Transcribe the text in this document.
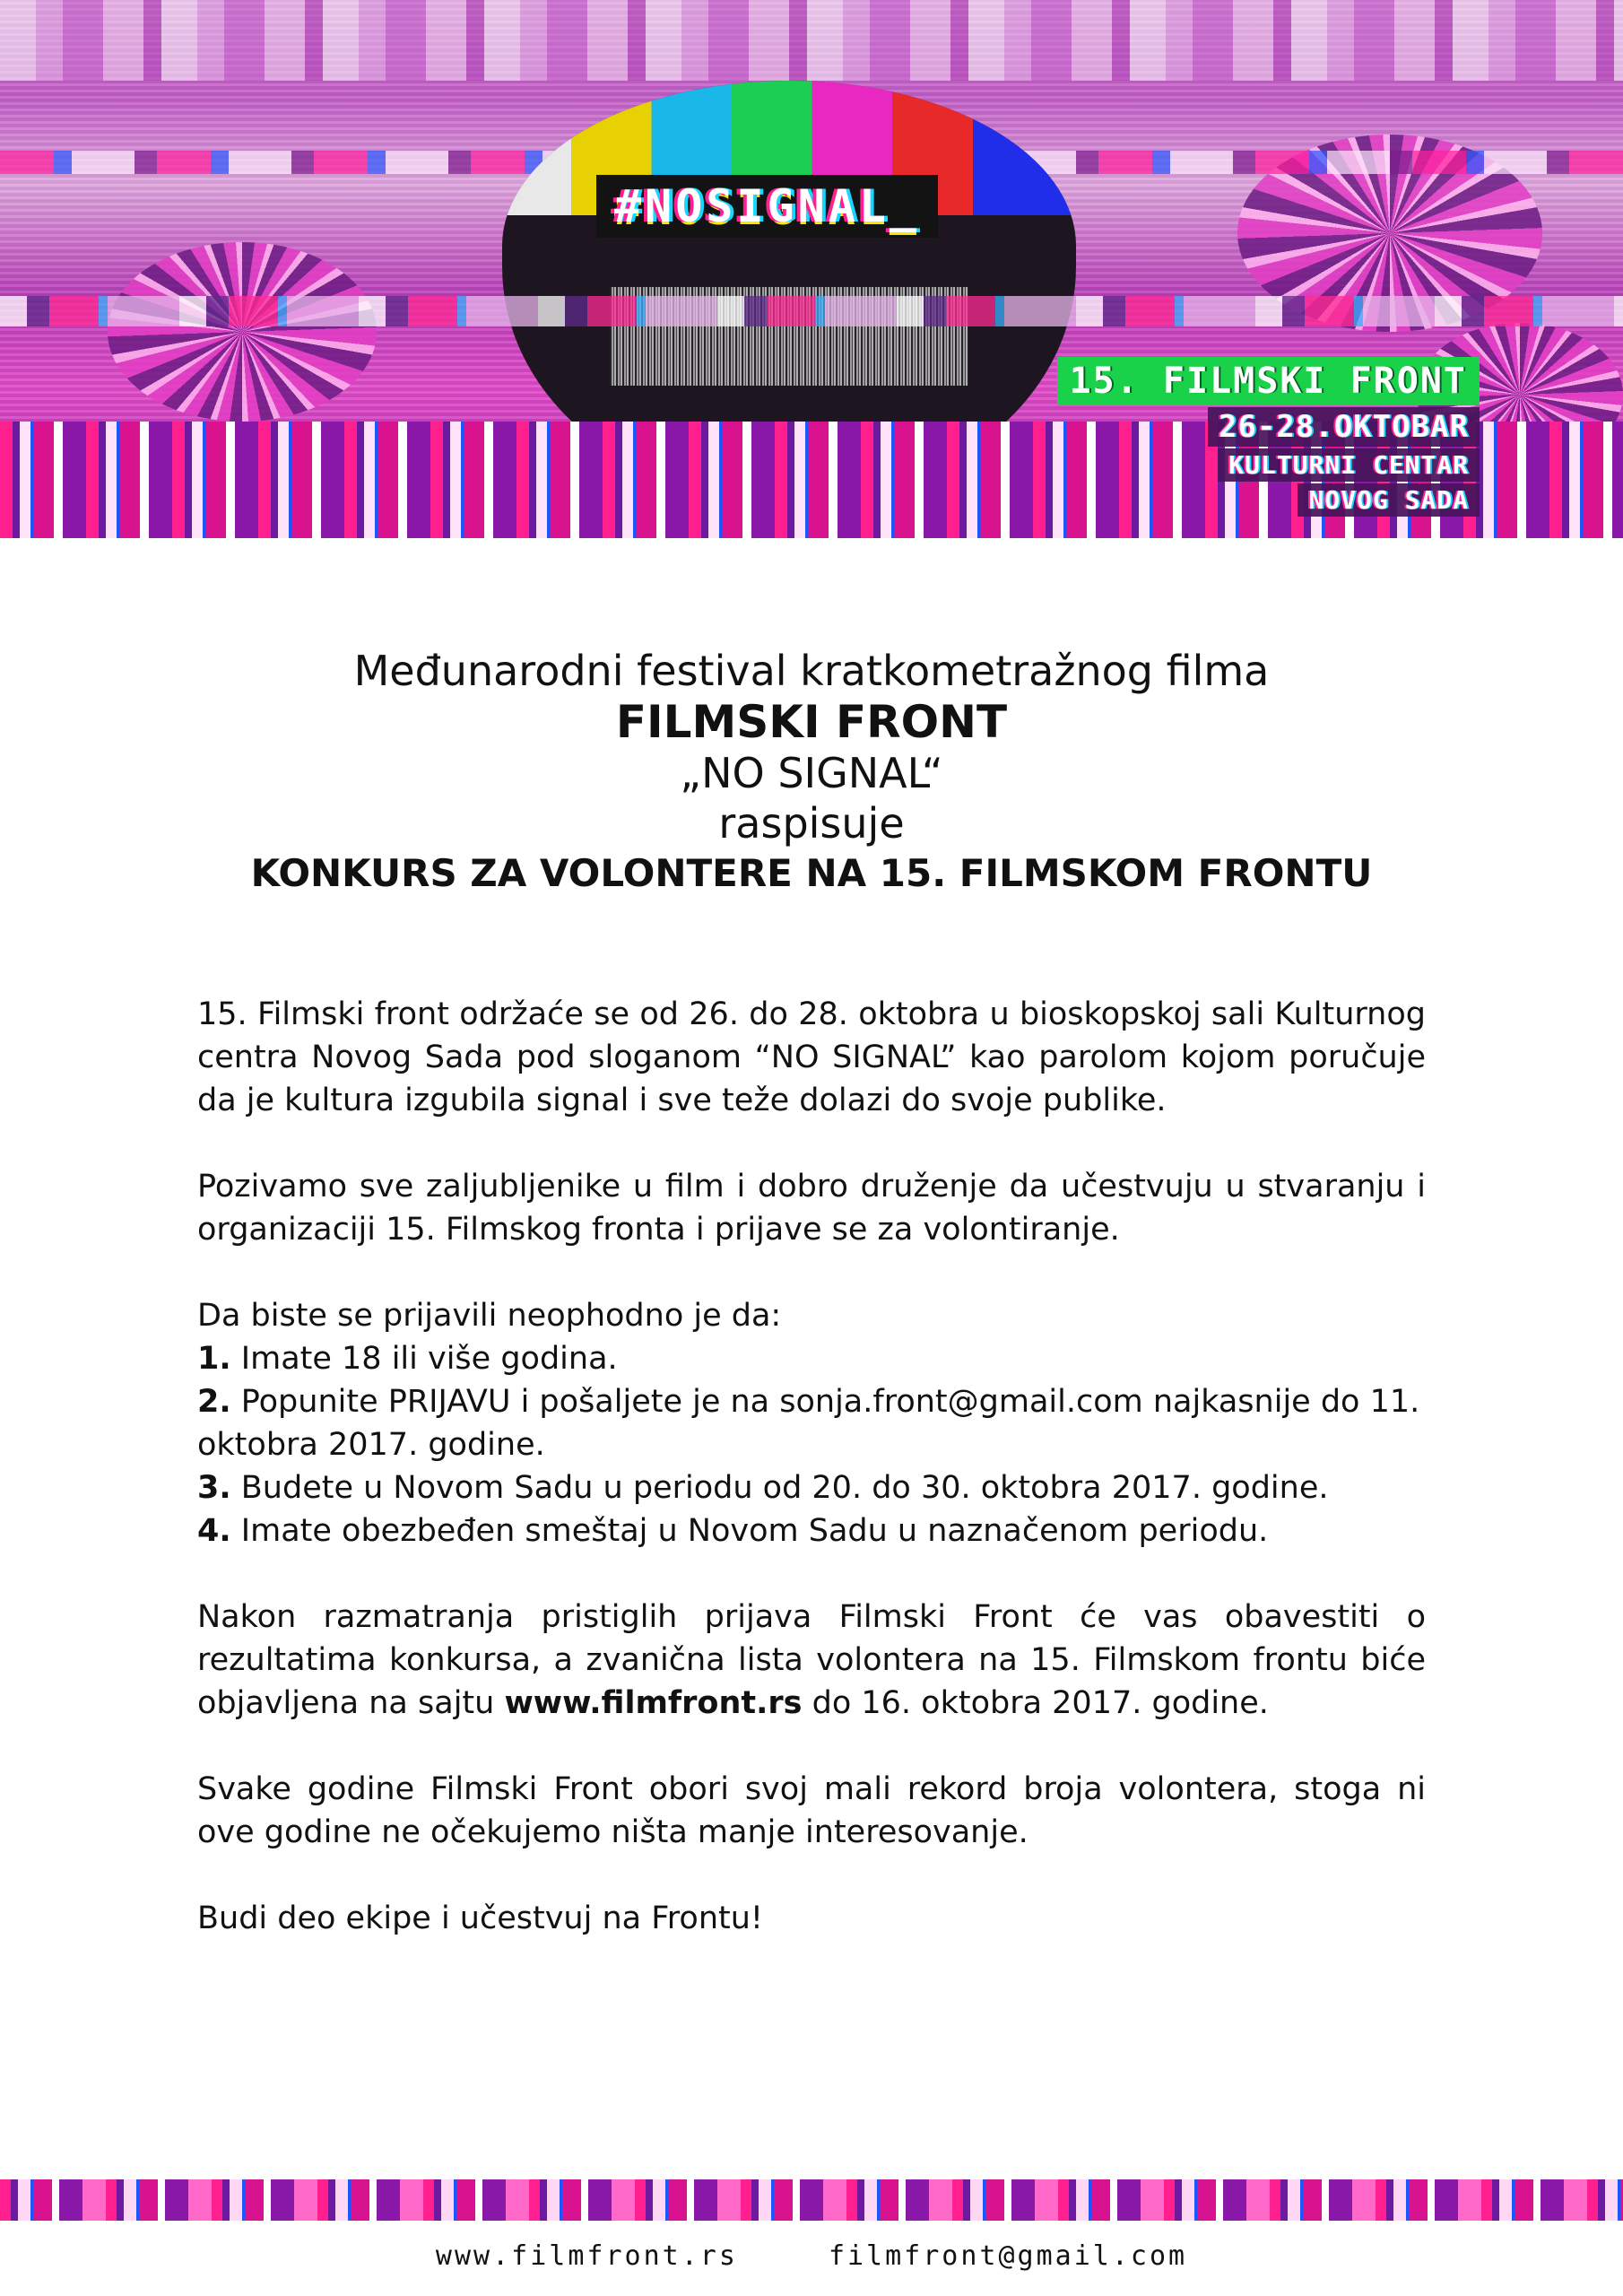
#NOSIGNAL_
15. FILMSKI FRONT
26-28.OKTOBAR
KULTURNI CENTAR
NOVOG SADA
Međunarodni festival kratkometražnog filma
FILMSKI FRONT
„NO SIGNAL“
raspisuje
KONKURS ZA VOLONTERE NA 15. FILMSKOM FRONTU

15. Filmski front održaće se od 26. do 28. oktobra u bioskopskoj sali Kulturnog centra Novog Sada pod sloganom “NO SIGNAL” kao parolom kojom poručuje da je kultura izgubila signal i sve teže dolazi do svoje publike.

Pozivamo sve zaljubljenike u film i dobro druženje da učestvuju u stvaranju i organizaciji 15. Filmskog fronta i prijave se za volontiranje.

Da biste se prijavili neophodno je da:

1. Imate 18 ili više godina.

2. Popunite PRIJAVU i pošaljete je na sonja.front@gmail.com najkasnije do 11. oktobra 2017. godine.

3. Budete u Novom Sadu u periodu od 20. do 30. oktobra 2017. godine.

4. Imate obezbeđen smeštaj u Novom Sadu u naznačenom periodu.

Nakon razmatranja pristiglih prijava Filmski Front će vas obavestiti o rezultatima konkursa, a zvanična lista volontera na 15. Filmskom frontu biće objavljena na sajtu www.filmfront.rs do 16. oktobra 2017. godine.

Svake godine Filmski Front obori svoj mali rekord broja volontera, stoga ni ove godine ne očekujemo ništa manje interesovanje.

Budi deo ekipe i učestvuj na Frontu!

www.filmfront.rs	filmfront@gmail.com
